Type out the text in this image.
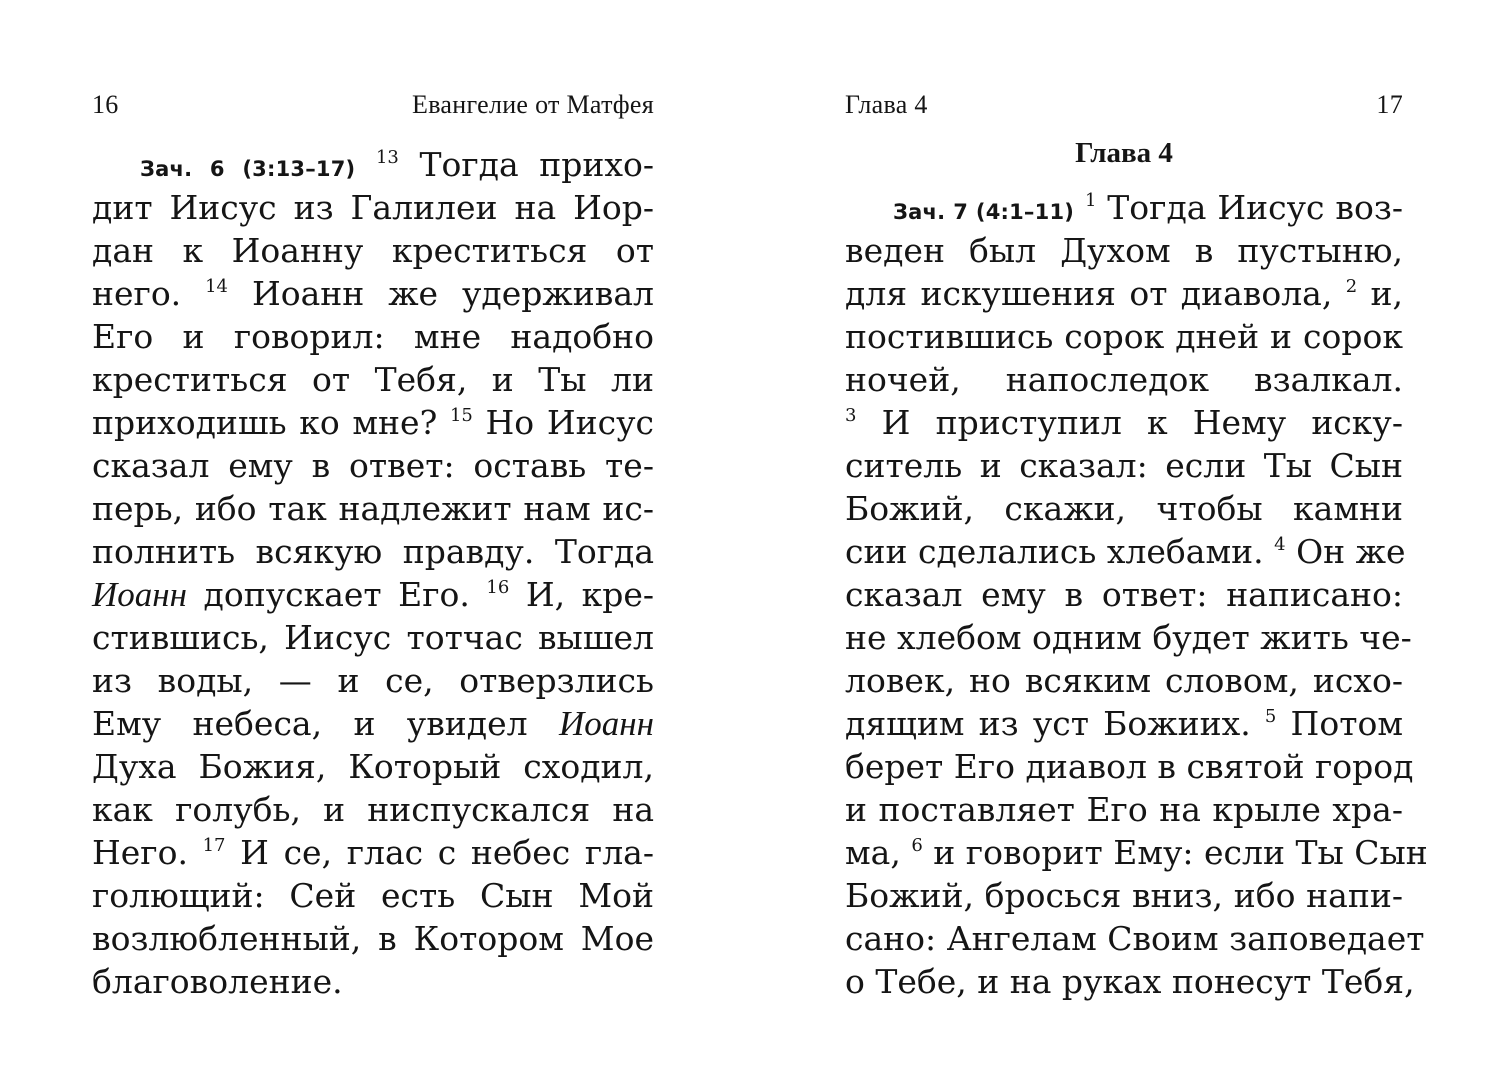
16	Евангелие от Матфея
Зач. 6 (3:13–17) $^{13}$ Тогда прихо-
дит Иисус из Галилеи на Иор-
дан к Иоанну креститься от
него. $^{14}$ Иоанн же удерживал
Его и говорил: мне надобно
креститься от Тебя, и Ты ли
приходишь ко мне? $^{15}$ Но Иисус
сказал ему в ответ: оставь те-
перь, ибо так надлежит нам ис-
полнить всякую правду. Тогда
Иоанн допускает Его. $^{16}$ И, кре-
стившись, Иисус тотчас вышел
из воды, — и се, отверзлись
Ему небеса, и увидел Иоанн
Духа Божия, Который сходил,
как голубь, и ниспускался на
Него. $^{17}$ И се, глас с небес гла-
голющий: Сей есть Сын Мой
возлюбленный, в Котором Мое
благоволение.
Глава 4	17
Глава 4
Зач. 7 (4:1–11) $^1$ Тогда Иисус воз-
веден был Духом в пустыню,
для искушения от диавола, $^2$ и,
постившись сорок дней и сорок
ночей, напоследок взалкал.
$^3$ И приступил к Нему иску-
ситель и сказал: если Ты Сын
Божий, скажи, чтобы камни
сии сделались хлебами. $^4$ Он же
сказал ему в ответ: написано:
не хлебом одним будет жить че-
ловек, но всяким словом, исхо-
дящим из уст Божиих. $^5$ Потом
берет Его диавол в святой город
и поставляет Его на крыле хра-
ма, $^6$ и говорит Ему: если Ты Сын
Божий, бросься вниз, ибо напи-
сано: Ангелам Своим заповедает
о Тебе, и на руках понесут Тебя,
